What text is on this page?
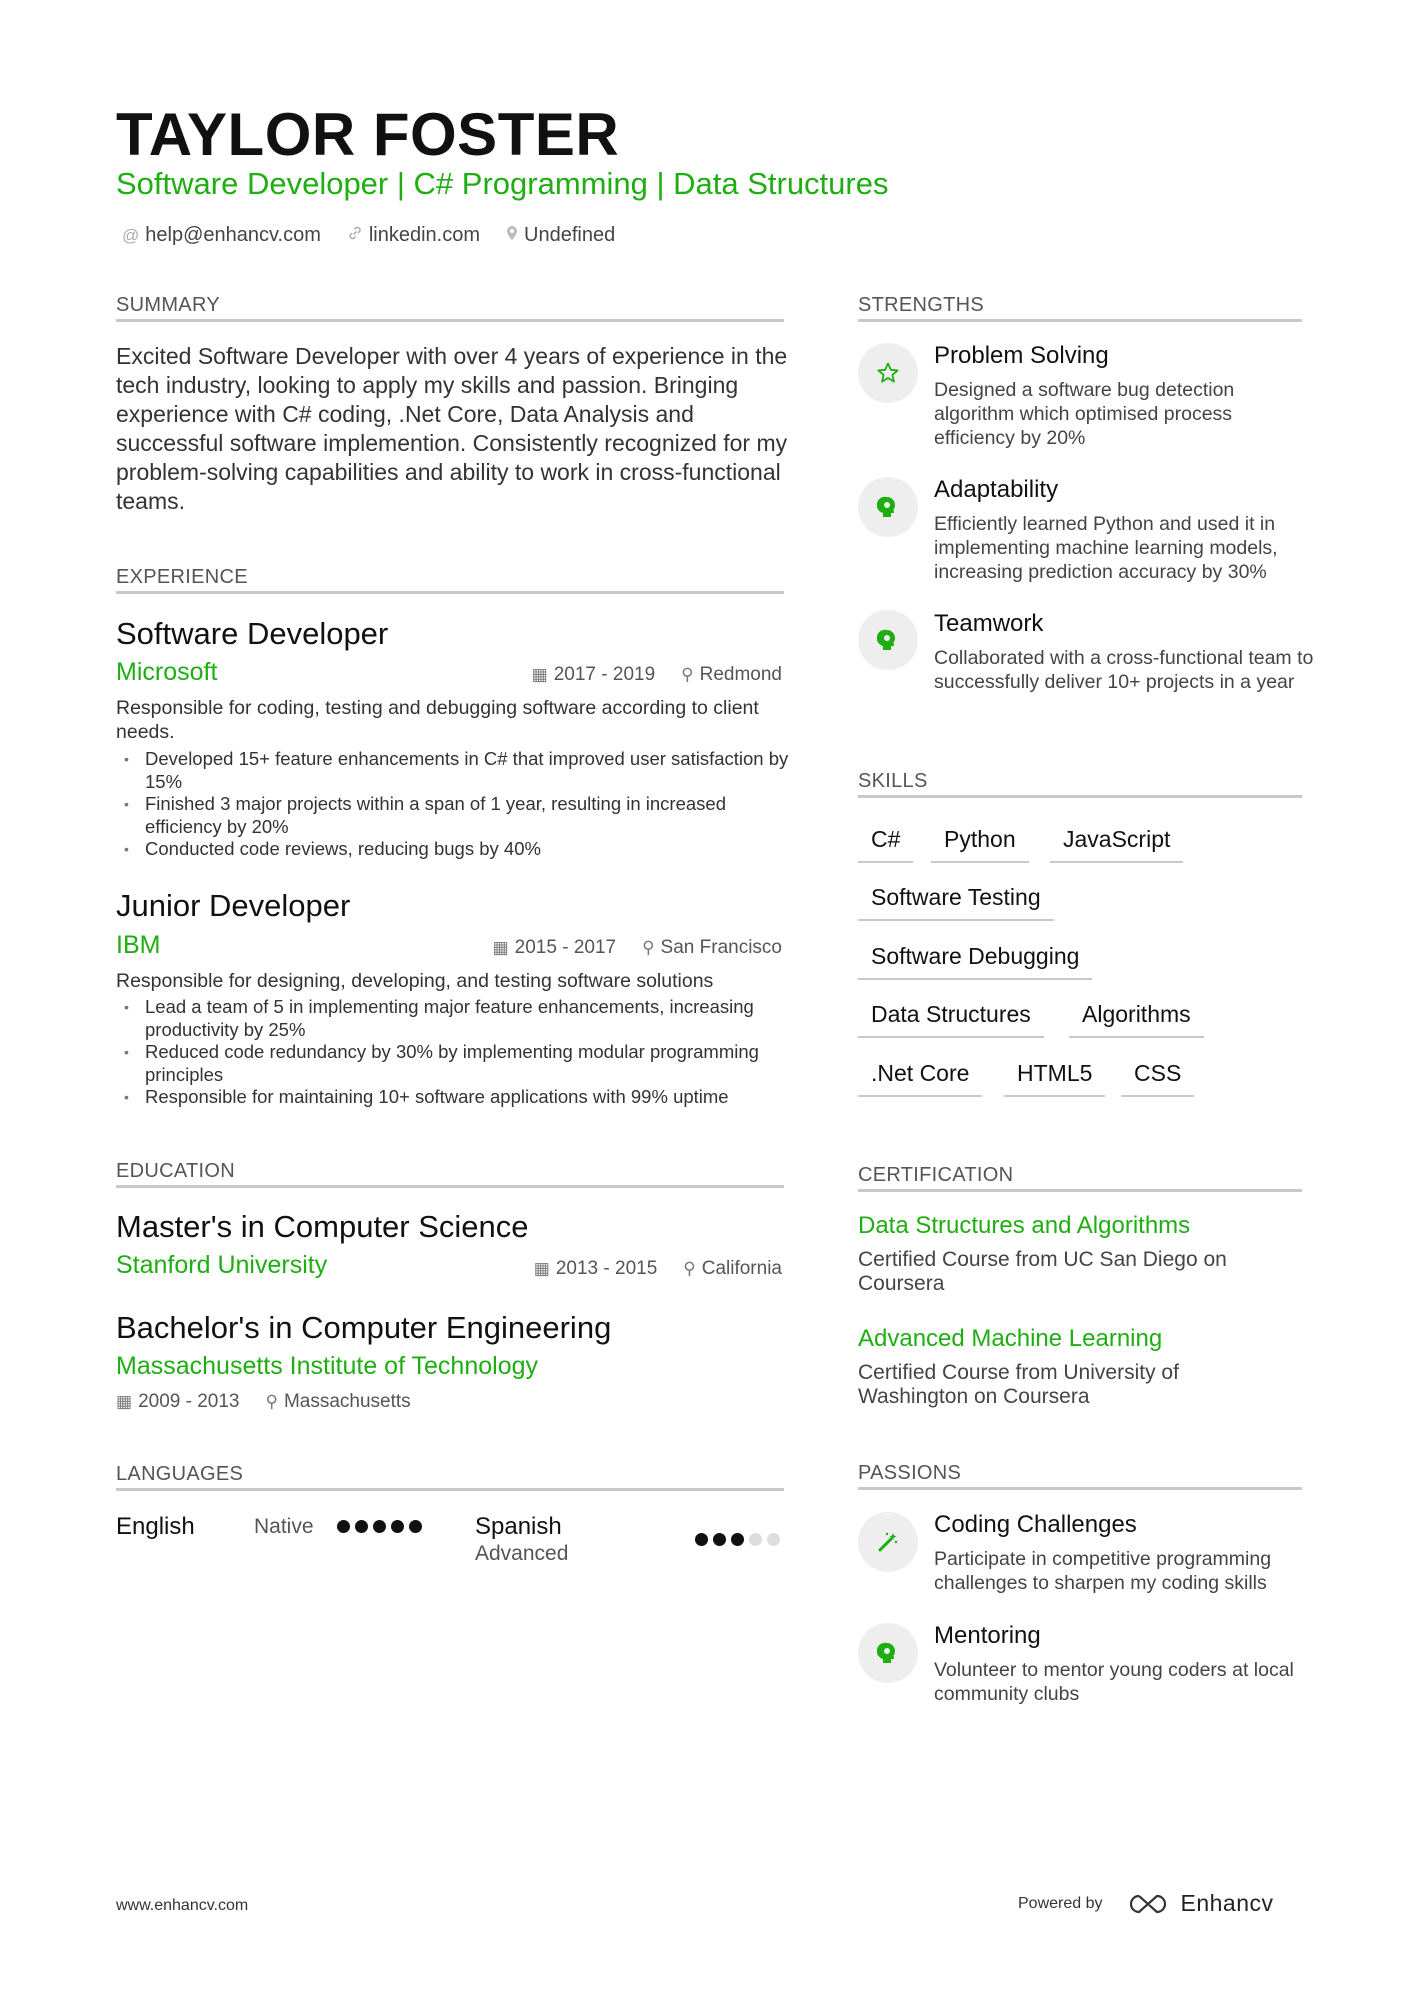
TAYLOR FOSTER
Software Developer | C# Programming | Data Structures
@ help@enhancv.com linkedin.com Undefined
SUMMARY
Excited Software Developer with over 4 years of experience in the tech industry, looking to apply my skills and passion. Bringing experience with C# coding, .Net Core, Data Analysis and successful software implemention. Consistently recognized for my problem-solving capabilities and ability to work in cross-functional teams.
EXPERIENCE
Software Developer
Microsoft	▦ 2017 - 2019 ⚲ Redmond
Responsible for coding, testing and debugging software according to client needs.
• Developed 15+ feature enhancements in C# that improved user satisfaction by 15%
• Finished 3 major projects within a span of 1 year, resulting in increased efficiency by 20%
• Conducted code reviews, reducing bugs by 40%
Junior Developer
IBM	▦ 2015 - 2017 ⚲ San Francisco
Responsible for designing, developing, and testing software solutions
• Lead a team of 5 in implementing major feature enhancements, increasing productivity by 25%
• Reduced code redundancy by 30% by implementing modular programming principles
• Responsible for maintaining 10+ software applications with 99% uptime
EDUCATION
Master's in Computer Science
Stanford University	▦ 2013 - 2015 ⚲ California
Bachelor's in Computer Engineering
Massachusetts Institute of Technology
▦ 2009 - 2013 ⚲ Massachusetts
LANGUAGES
English	Native	Spanish
Advanced
STRENGTHS
Problem Solving
Designed a software bug detection algorithm which optimised process efficiency by 20%
Adaptability
Efficiently learned Python and used it in implementing machine learning models, increasing prediction accuracy by 30%
Teamwork
Collaborated with a cross-functional team to successfully deliver 10+ projects in a year
SKILLS
C#	Python	JavaScript
Software Testing
Software Debugging
Data Structures	Algorithms
.Net Core	HTML5	CSS
CERTIFICATION
Data Structures and Algorithms
Certified Course from UC San Diego on Coursera
Advanced Machine Learning
Certified Course from University of Washington on Coursera
PASSIONS
Coding Challenges
Participate in competitive programming challenges to sharpen my coding skills
Mentoring
Volunteer to mentor young coders at local community clubs
www.enhancv.com	Powered by	Enhancv
